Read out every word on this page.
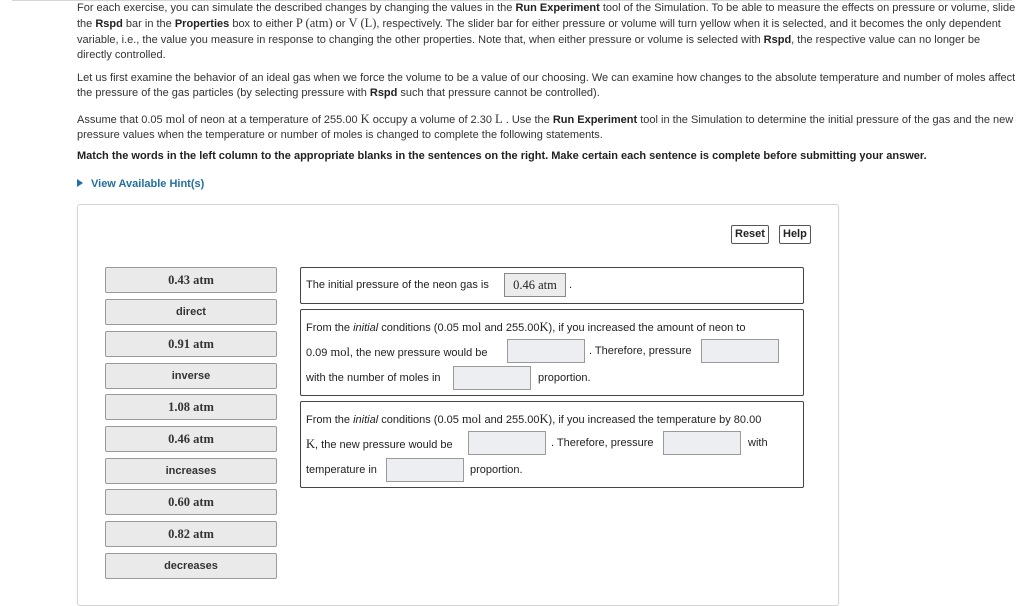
For each exercise, you can simulate the described changes by changing the values in the Run Experiment tool of the Simulation. To be able to measure the effects on pressure or volume, slide the Rspd bar in the Properties box to either P (atm) or V (L), respectively. The slider bar for either pressure or volume will turn yellow when it is selected, and it becomes the only dependent variable, i.e., the value you measure in response to changing the other properties. Note that, when either pressure or volume is selected with Rspd, the respective value can no longer be directly controlled.

Let us first examine the behavior of an ideal gas when we force the volume to be a value of our choosing. We can examine how changes to the absolute temperature and number of moles affect the pressure of the gas particles (by selecting pressure with Rspd such that pressure cannot be controlled).

Assume that 0.05 mol of neon at a temperature of 255.00 K occupy a volume of 2.30 L . Use the Run Experiment tool in the Simulation to determine the initial pressure of the gas and the new pressure values when the temperature or number of moles is changed to complete the following statements.

Match the words in the left column to the appropriate blanks in the sentences on the right. Make certain each sentence is complete before submitting your answer.
View Available Hint(s)
Reset	Help
0.43 atm
direct
0.91 atm
inverse
1.08 atm
0.46 atm
increases
0.60 atm
0.82 atm
decreases
The initial pressure of the neon gas is	0.46 atm	.
From the initial conditions (0.05 mol and 255.00K), if you increased the amount of neon to
0.09 mol, the new pressure would be	. Therefore, pressure
with the number of moles in	proportion.
From the initial conditions (0.05 mol and 255.00K), if you increased the temperature by 80.00
K, the new pressure would be	. Therefore, pressure	with
temperature in	proportion.
